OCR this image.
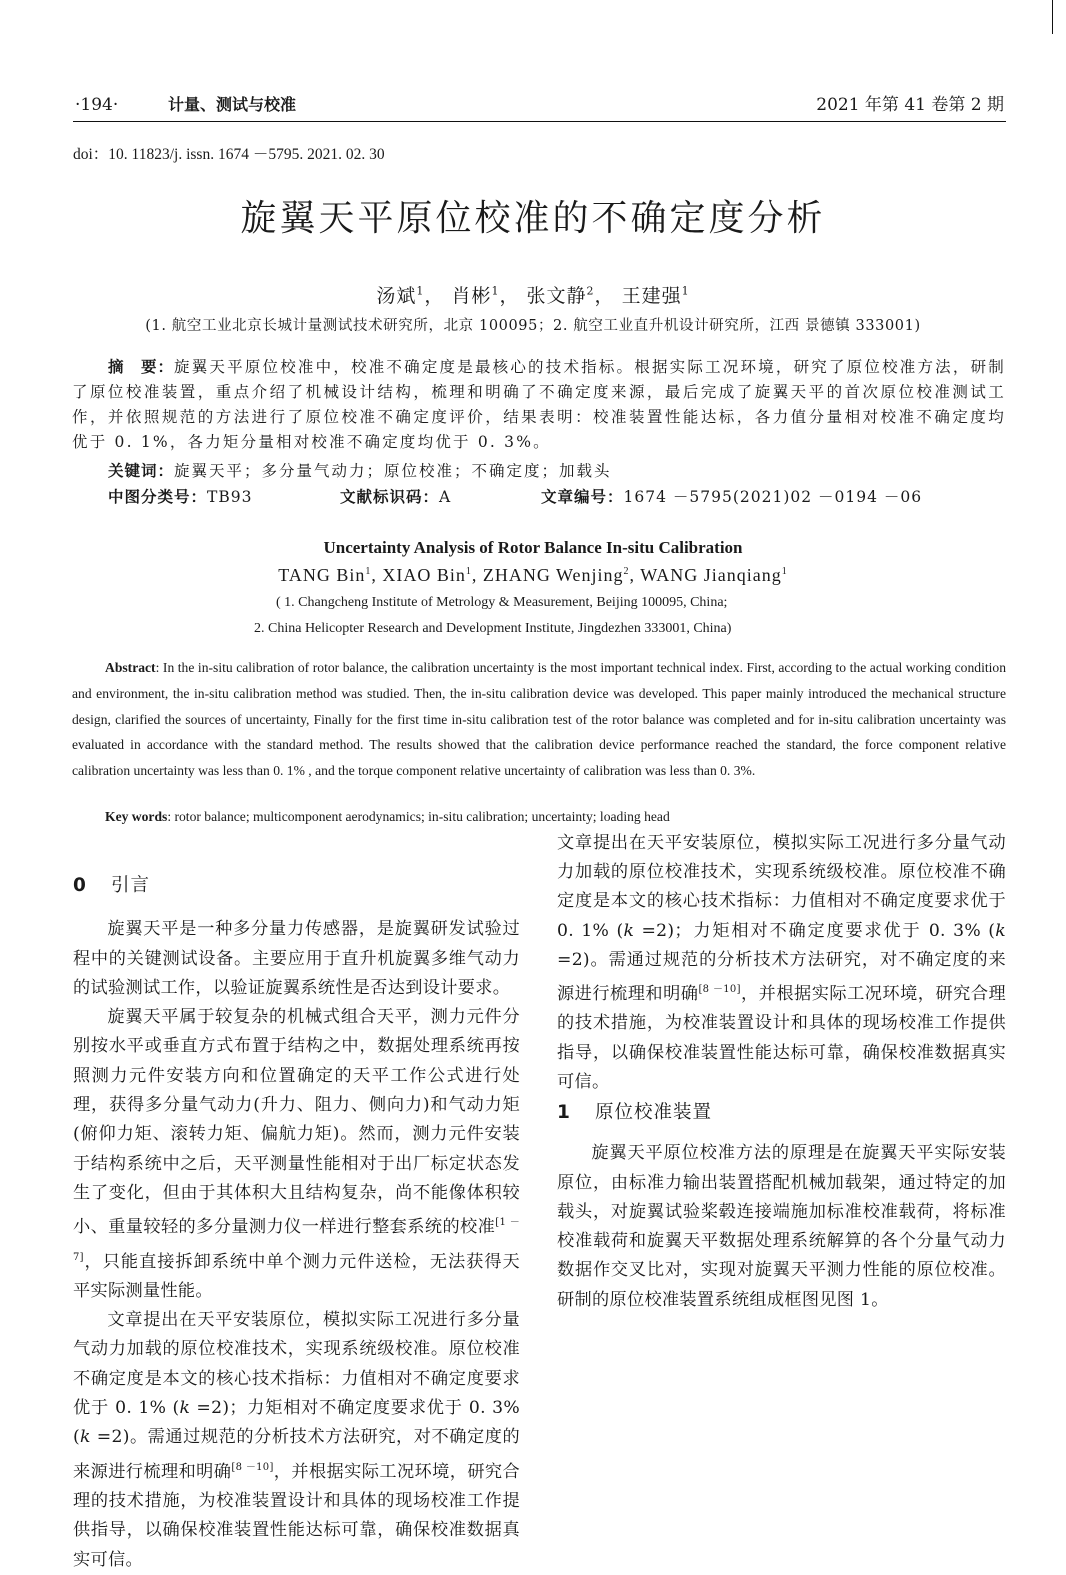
·194·	计量、测试与校准	2021 年第 41 卷第 2 期
doi：10. 11823/j. issn. 1674 －5795. 2021. 02. 30
旋翼天平原位校准的不确定度分析
汤斌$^1$， 肖彬$^1$， 张文静$^2$， 王建强$^1$
(1. 航空工业北京长城计量测试技术研究所，北京 100095；2. 航空工业直升机设计研究所，江西 景德镇 333001)
摘　要：旋翼天平原位校准中，校准不确定度是最核心的技术指标。根据实际工况环境，研究了原位校准方法，研制了原位校准装置，重点介绍了机械设计结构，梳理和明确了不确定度来源，最后完成了旋翼天平的首次原位校准测试工作，并依照规范的方法进行了原位校准不确定度评价，结果表明：校准装置性能达标，各力值分量相对校准不确定度均优于 0. 1%，各力矩分量相对校准不确定度均优于 0. 3%。
关键词：旋翼天平；多分量气动力；原位校准；不确定度；加载头
中图分类号：TB93	文献标识码：A	文章编号：1674 －5795(2021)02 －0194 －06
Uncertainty Analysis of Rotor Balance In-situ Calibration
TANG Bin$^1$, XIAO Bin$^1$, ZHANG Wenjing$^2$, WANG Jianqiang$^1$
( 1. Changcheng Institute of Metrology & Measurement, Beijing 100095, China;
2. China Helicopter Research and Development Institute, Jingdezhen 333001, China)
Abstract: In the in-situ calibration of rotor balance, the calibration uncertainty is the most important technical index. First, according to the actual working condition and environment, the in-situ calibration method was studied. Then, the in-situ calibration device was developed. This paper mainly introduced the mechanical structure design, clarified the sources of uncertainty, Finally for the first time in-situ calibration test of the rotor balance was completed and for in-situ calibration uncertainty was evaluated in accordance with the standard method. The results showed that the calibration device performance reached the standard, the force component relative calibration uncertainty was less than 0. 1% , and the torque component relative uncertainty of calibration was less than 0. 3%.
Key words: rotor balance; multicomponent aerodynamics; in-situ calibration; uncertainty; loading head
0 引言

旋翼天平是一种多分量力传感器，是旋翼研发试验过程中的关键测试设备。主要应用于直升机旋翼多维气动力的试验测试工作，以验证旋翼系统性是否达到设计要求。

旋翼天平属于较复杂的机械式组合天平，测力元件分别按水平或垂直方式布置于结构之中，数据处理系统再按照测力元件安装方向和位置确定的天平工作公式进行处理，获得多分量气动力(升力、阻力、侧向力)和气动力矩(俯仰力矩、滚转力矩、偏航力矩)。然而，测力元件安装于结构系统中之后，天平测量性能相对于出厂标定状态发生了变化，但由于其体积大且结构复杂，尚不能像体积较小、重量较轻的多分量测力仪一样进行整套系统的校准[1 －7]，只能直接拆卸系统中单个测力元件送检，无法获得天平实际测量性能。

文章提出在天平安装原位，模拟实际工况进行多分量气动力加载的原位校准技术，实现系统级校准。原位校准不确定度是本文的核心技术指标：力值相对不确定度要求优于 0. 1% (k =2)；力矩相对不确定度要求优于 0. 3% (k =2)。需通过规范的分析技术方法研究，对不确定度的来源进行梳理和明确[8 －10]，并根据实际工况环境，研究合理的技术措施，为校准装置设计和具体的现场校准工作提供指导，以确保校准装置性能达标可靠，确保校准数据真实可信。

1 原位校准装置

旋翼天平原位校准方法的原理是在旋翼天平实际安装原位，由标准力输出装置搭配机械加载架，通过特定的加载头，对旋翼试验桨毂连接端施加标准校准载荷，将标准校准载荷和旋翼天平数据处理系统解算的各个分量气动力数据作交叉比对，实现对旋翼天平测力性能的原位校准。研制的原位校准装置系统组成框图见图 1。

文章提出在天平安装原位，模拟实际工况进行多分量气动力加载的原位校准技术，实现系统级校准。原位校准不确定度是本文的核心技术指标：力值相对不确定度要求优于 0. 1% (k =2)；力矩相对不确定度要求优于 0. 3% (k =2)。需通过规范的分析技术方法研究，对不确定度的来源进行梳理和明确[8 －10]，并根据实际工况环境，研究合理的技术措施，为校准装置设计和具体的现场校准工作提供指导，以确保校准装置性能达标可靠，确保校准数据真实可信。
